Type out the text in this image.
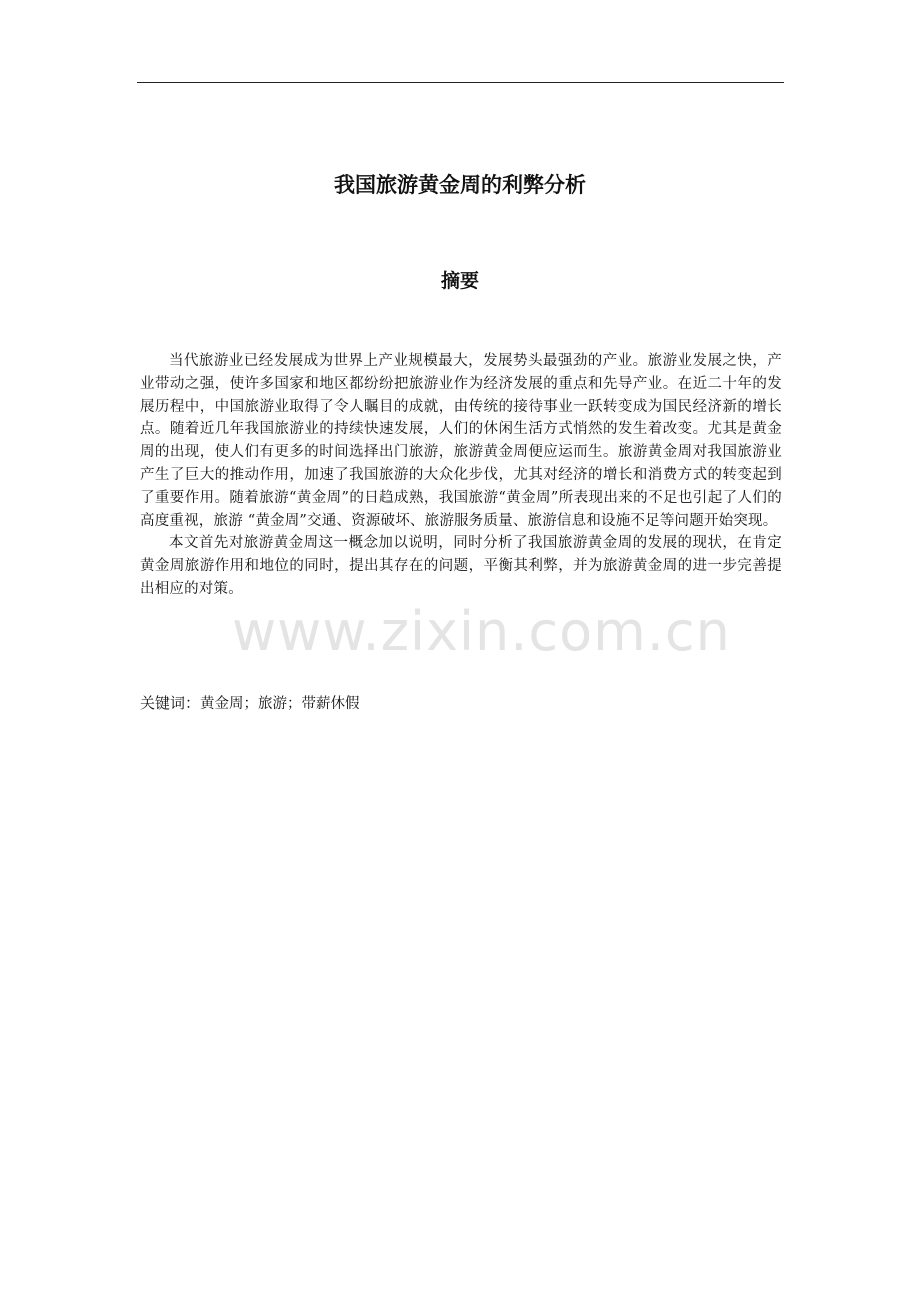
我国旅游黄金周的利弊分析
摘要
www.zixin.com.cn

当代旅游业已经发展成为世界上产业规模最大，发展势头最强劲的产业。旅游业发展之快，产业带动之强，使许多国家和地区都纷纷把旅游业作为经济发展的重点和先导产业。在近二十年的发展历程中，中国旅游业取得了令人瞩目的成就，由传统的接待事业一跃转变成为国民经济新的增长点。随着近几年我国旅游业的持续快速发展，人们的休闲生活方式悄然的发生着改变。尤其是黄金周的出现，使人们有更多的时间选择出门旅游，旅游黄金周便应运而生。旅游黄金周对我国旅游业产生了巨大的推动作用，加速了我国旅游的大众化步伐，尤其对经济的增长和消费方式的转变起到了重要作用。随着旅游“黄金周”的日趋成熟，我国旅游“黄金周”所表现出来的不足也引起了人们的高度重视，旅游 “黄金周”交通、资源破坏、旅游服务质量、旅游信息和设施不足等问题开始突现。

本文首先对旅游黄金周这一概念加以说明，同时分析了我国旅游黄金周的发展的现状，在肯定黄金周旅游作用和地位的同时，提出其存在的问题，平衡其利弊，并为旅游黄金周的进一步完善提出相应的对策。

关键词：黄金周；旅游；带薪休假
